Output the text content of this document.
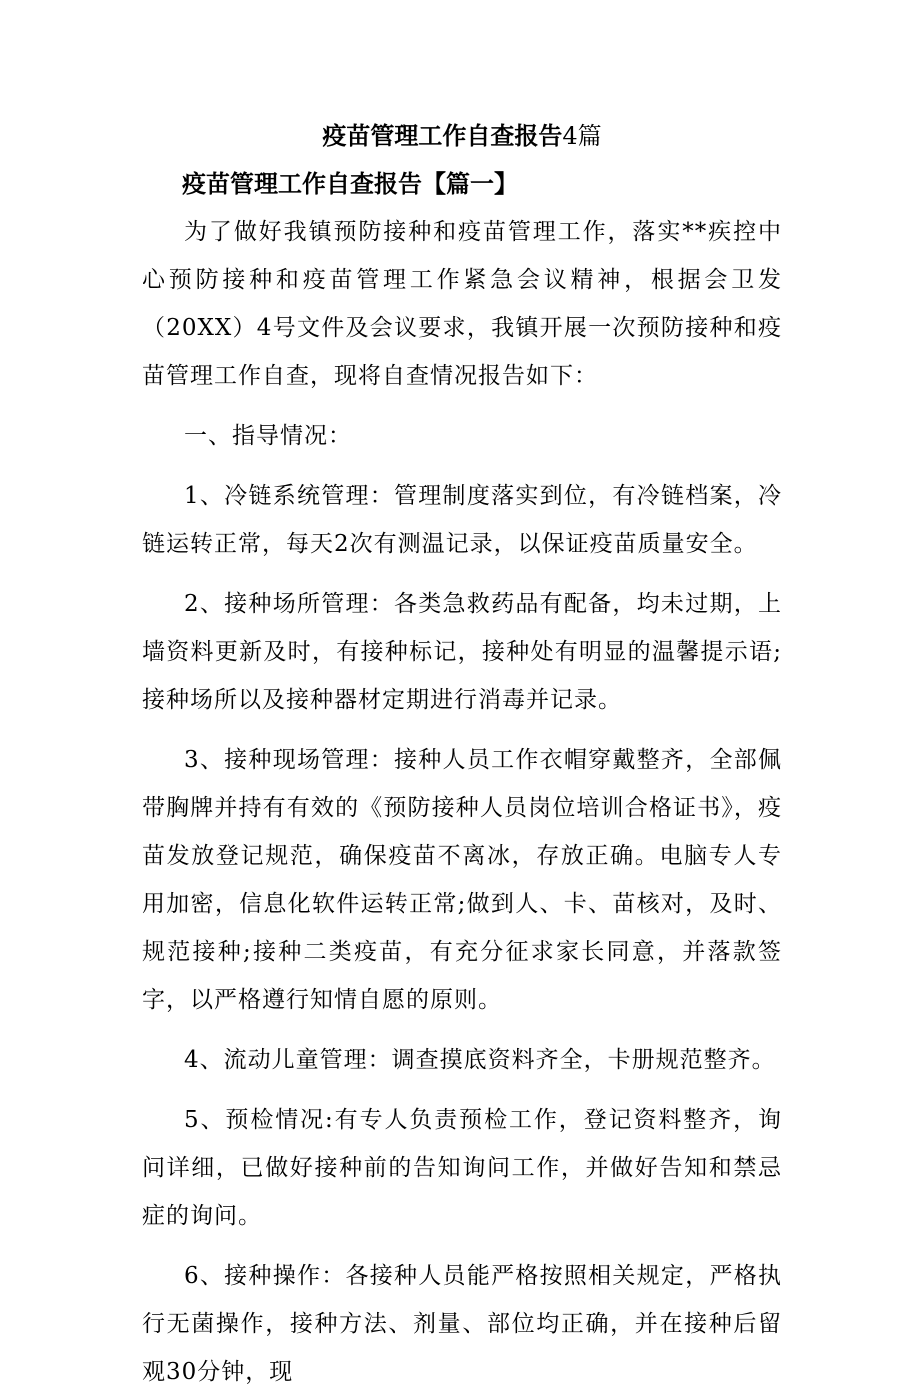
疫苗管理工作自查报告4篇

疫苗管理工作自查报告【篇一】

为了做好我镇预防接种和疫苗管理工作，落实**疾控中心预防接种和疫苗管理工作紧急会议精神，根据会卫发（20XX）4号文件及会议要求，我镇开展一次预防接种和疫苗管理工作自查，现将自查情况报告如下：

一、指导情况：

1、冷链系统管理：管理制度落实到位，有冷链档案，冷链运转正常，每天2次有测温记录，以保证疫苗质量安全。

2、接种场所管理：各类急救药品有配备，均未过期，上墙资料更新及时，有接种标记，接种处有明显的温馨提示语;接种场所以及接种器材定期进行消毒并记录。

3、接种现场管理：接种人员工作衣帽穿戴整齐，全部佩带胸牌并持有有效的《预防接种人员岗位培训合格证书》，疫苗发放登记规范，确保疫苗不离冰，存放正确。电脑专人专用加密，信息化软件运转正常;做到人、卡、苗核对，及时、规范接种;接种二类疫苗，有充分征求家长同意，并落款签字，以严格遵行知情自愿的原则。

4、流动儿童管理：调查摸底资料齐全，卡册规范整齐。

5、预检情况:有专人负责预检工作，登记资料整齐，询问详细，已做好接种前的告知询问工作，并做好告知和禁忌症的询问。

6、接种操作：各接种人员能严格按照相关规定，严格执行无菌操作，接种方法、剂量、部位均正确，并在接种后留观30分钟，现
